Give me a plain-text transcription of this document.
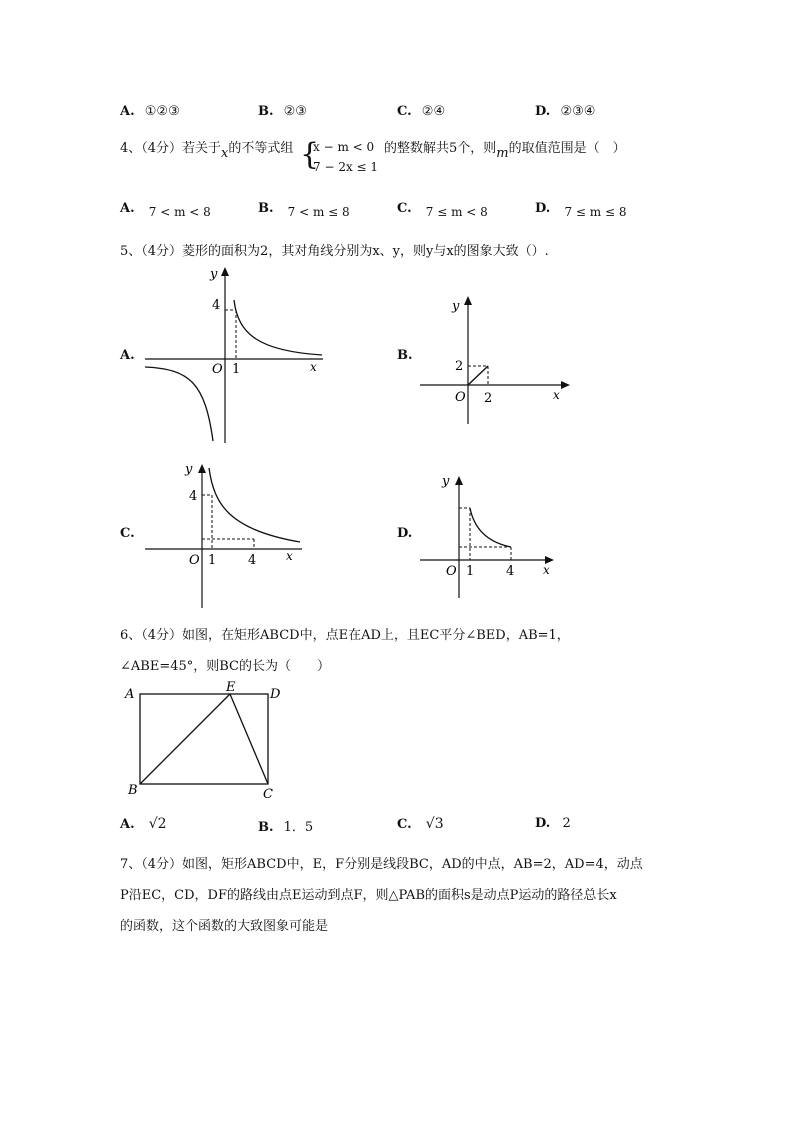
A. ①②③	B. ②③	C. ②④	D. ②③④
4、（4分）若关于x的不等式组 {
x − m < 0
7 − 2x ≤ 1
的整数解共5个，则m的取值范围是（　）
A. 7 < m < 8	B. 7 < m ≤ 8	C. 7 ≤ m < 8	D. 7 ≤ m ≤ 8
5、（4分）菱形的面积为2，其对角线分别为x、y，则y与x的图象大致（）.
A.
y
4
O 1	x
B.
y
2
O 2	x
C.
y
4
O 1 4 x
D.
y
O 1 4 x
6、（4分）如图，在矩形ABCD中，点E在AD上，且EC平分∠BED，AB=1，
∠ABE=45°，则BC的长为（　　）
A	E	D
B	C
A. √2	B. 1．5	C. √3	D. 2
7、（4分）如图，矩形ABCD中，E，F分别是线段BC，AD的中点，AB=2，AD=4，动点
P沿EC，CD，DF的路线由点E运动到点F，则△PAB的面积s是动点P运动的路径总长x
的函数，这个函数的大致图象可能是
